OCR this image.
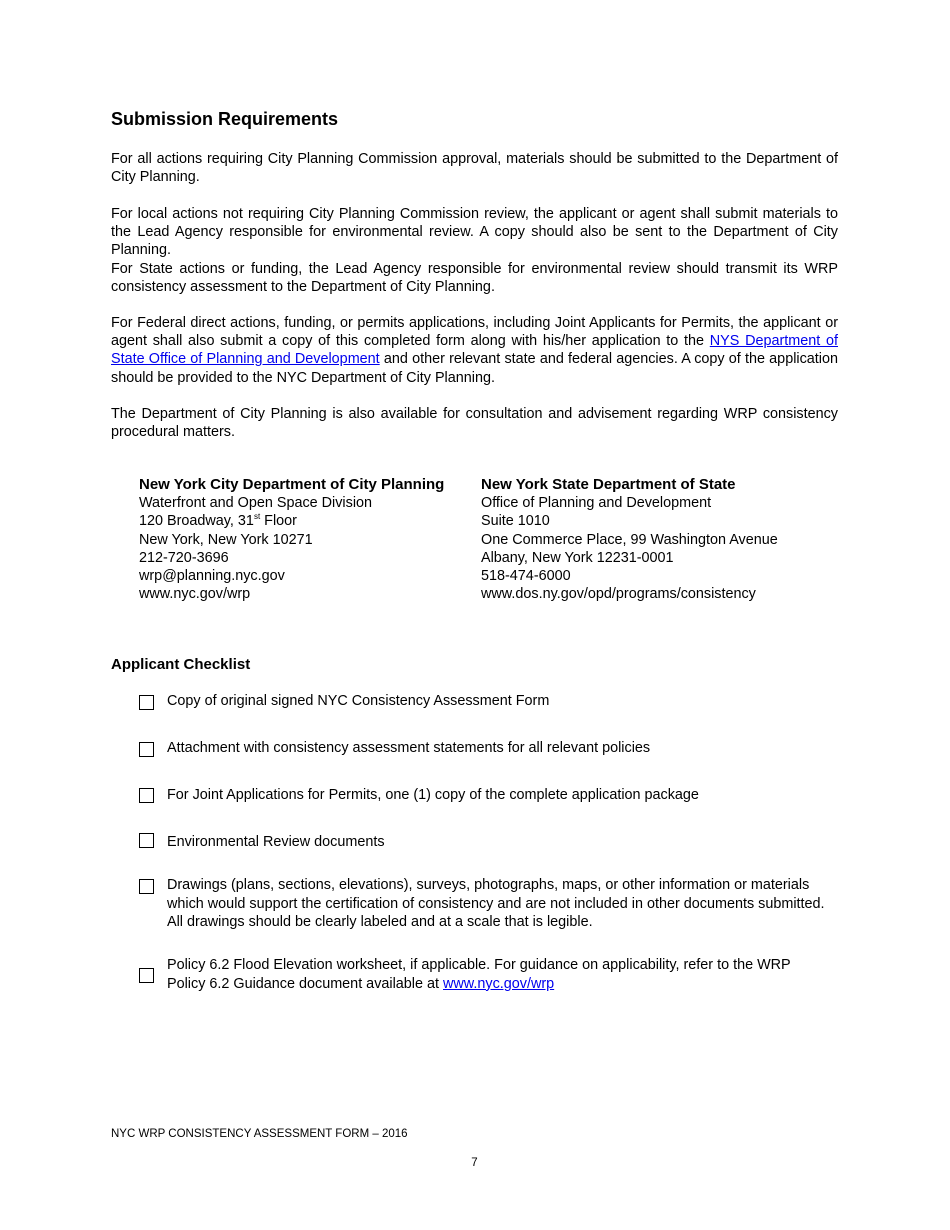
Submission Requirements

For all actions requiring City Planning Commission approval, materials should be submitted to the Department of City Planning.

For local actions not requiring City Planning Commission review, the applicant or agent shall submit materials to the Lead Agency responsible for environmental review. A copy should also be sent to the Department of City Planning.

For State actions or funding, the Lead Agency responsible for environmental review should transmit its WRP consistency assessment to the Department of City Planning.

For Federal direct actions, funding, or permits applications, including Joint Applicants for Permits, the applicant or agent shall also submit a copy of this completed form along with his/her application to the NYS Department of State Office of Planning and Development and other relevant state and federal agencies. A copy of the application should be provided to the NYC Department of City Planning.

The Department of City Planning is also available for consultation and advisement regarding WRP consistency procedural matters.

New York City Department of City Planning
Waterfront and Open Space Division
120 Broadway, 31st Floor
New York, New York 10271
212-720-3696
wrp@planning.nyc.gov
www.nyc.gov/wrp
New York State Department of State
Office of Planning and Development
Suite 1010
One Commerce Place, 99 Washington Avenue
Albany, New York 12231-0001
518-474-6000
www.dos.ny.gov/opd/programs/consistency
Applicant Checklist
Copy of original signed NYC Consistency Assessment Form
Attachment with consistency assessment statements for all relevant policies
For Joint Applications for Permits, one (1) copy of the complete application package
Environmental Review documents
Drawings (plans, sections, elevations), surveys, photographs, maps, or other information or materials which would support the certification of consistency and are not included in other documents submitted. All drawings should be clearly labeled and at a scale that is legible.
Policy 6.2 Flood Elevation worksheet, if applicable. For guidance on applicability, refer to the WRP Policy 6.2 Guidance document available at www.nyc.gov/wrp
NYC WRP CONSISTENCY ASSESSMENT FORM – 2016
7
